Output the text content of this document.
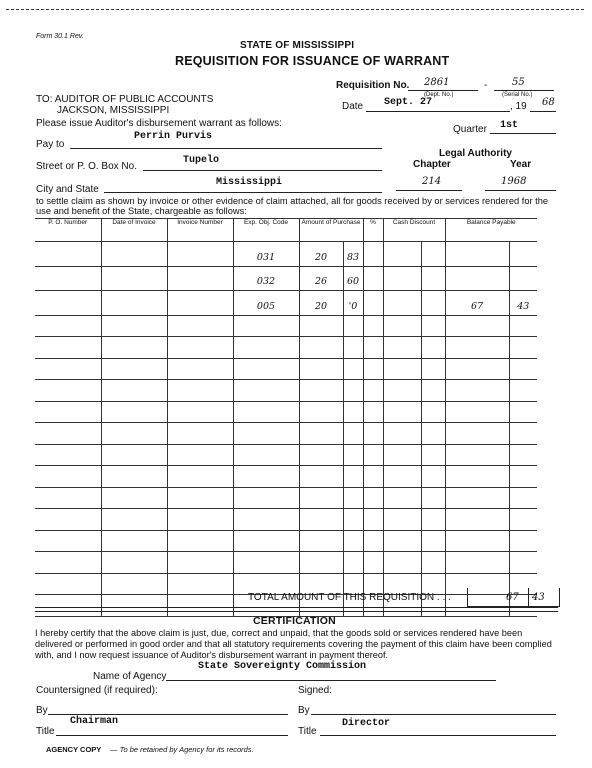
Form 30.1 Rev.
STATE OF MISSISSIPPI
REQUISITION FOR ISSUANCE OF WARRANT
Requisition No. 2861	- 55
(Dept. No.)	(Serial No.)
Date Sept. 27	, 19 68
TO: AUDITOR OF PUBLIC ACCOUNTS
JACKSON, MISSISSIPPI
Please issue Auditor's disbursement warrant as follows:
Quarter 1st
Pay to
Perrin Purvis
Street or P. O. Box No.
Tupelo
City and State
Mississippi
Legal Authority
Chapter	Year
214	1968
to settle claim as shown by invoice or other evidence of claim attached, all for goods received by or services rendered for the use and benefit of the State, chargeable as follows:
P. O. Number	Date of Invoice	Invoice Number	Exp. Obj. Code	Amount of Purchase		%	Cash Discount		Balance Payable	
			031	20	83					
			032	26	60					
			005	20	'0				67	43

TOTAL AMOUNT OF THIS REQUISITION . . .	67 43
CERTIFICATION
I hereby certify that the above claim is just, due, correct and unpaid, that the goods sold or services rendered have been delivered or performed in good order and that all statutory requirements covering the payment of this claim have been complied with, and I now request issuance of Auditor's disbursement warrant in payment thereof.
Name of Agency
State Sovereignty Commission
Countersigned (if required):	Signed:
By	By
Title
Chairman
Title
Director
AGENCY COPY — To be retained by Agency for its records.
